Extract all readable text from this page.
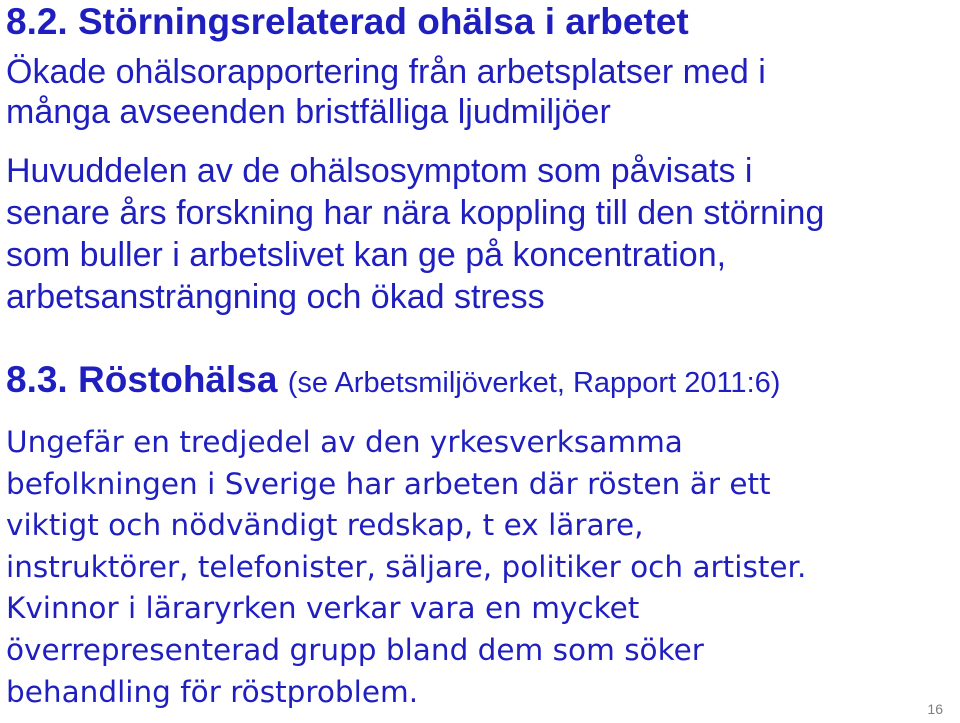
8.2. Störningsrelaterad ohälsa i arbetet

Ökade ohälsorapportering från arbetsplatser med i
många avseenden bristfälliga ljudmiljöer

Huvuddelen av de ohälsosymptom som påvisats i
senare års forskning har nära koppling till den störning
som buller i arbetslivet kan ge på koncentration,
arbetsansträngning och ökad stress

8.3. Röstohälsa (se Arbetsmiljöverket, Rapport 2011:6)

Ungefär en tredjedel av den yrkesverksamma
befolkningen i Sverige har arbeten där rösten är ett
viktigt och nödvändigt redskap, t ex lärare,
instruktörer, telefonister, säljare, politiker och artister.
Kvinnor i läraryrken verkar vara en mycket
överrepresenterad grupp bland dem som söker
behandling för röstproblem.

16
